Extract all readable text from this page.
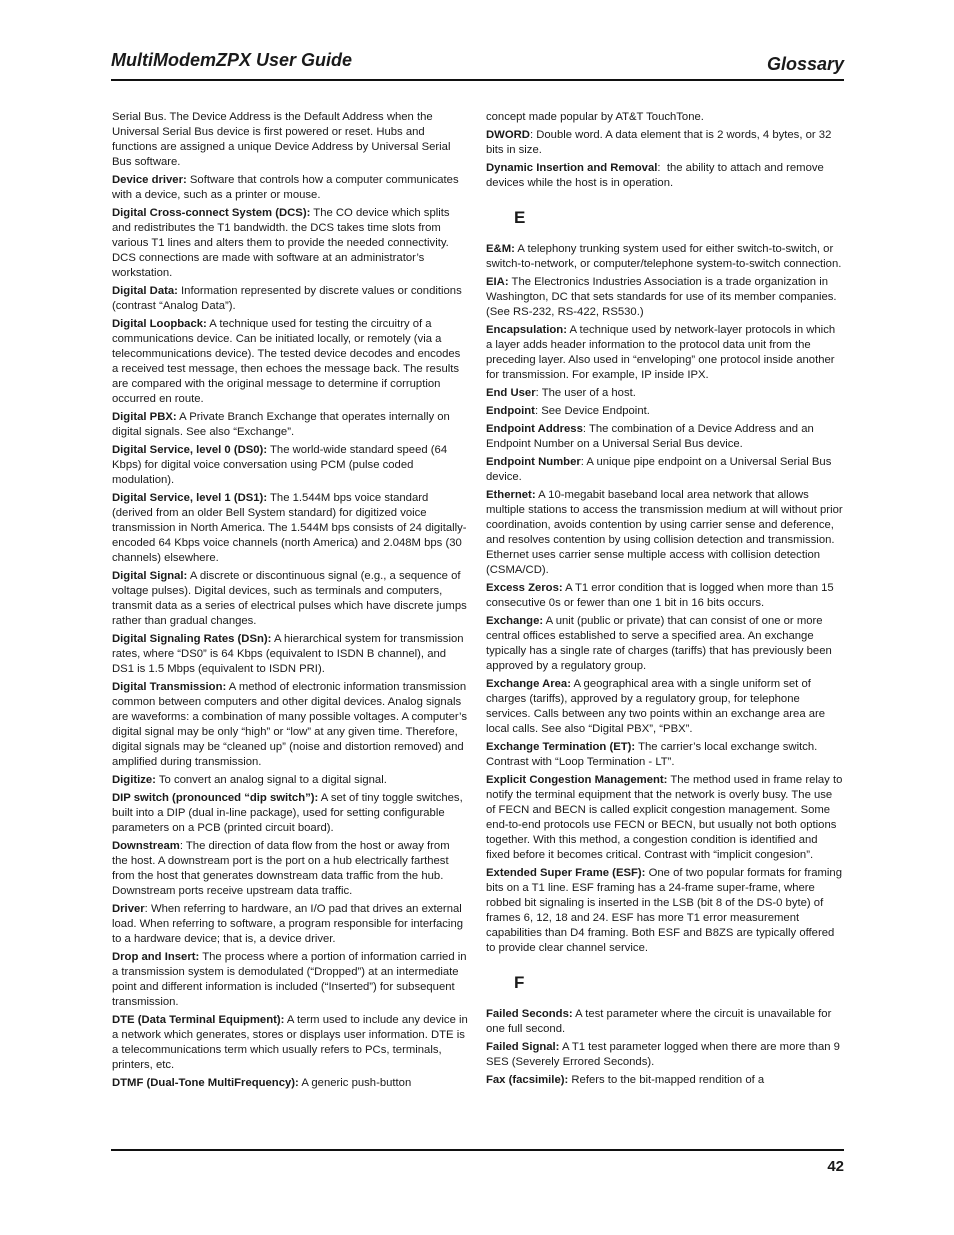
MultiModemZPX User Guide	Glossary

Serial Bus. The Device Address is the Default Address when the Universal Serial Bus device is first powered or reset. Hubs and functions are assigned a unique Device Address by Universal Serial Bus software.

Device driver: Software that controls how a computer communicates with a device, such as a printer or mouse.

Digital Cross-connect System (DCS): The CO device which splits and redistributes the T1 bandwidth. the DCS takes time slots from various T1 lines and alters them to provide the needed connectivity. DCS connections are made with software at an administrator’s workstation.

Digital Data: Information represented by discrete values or conditions (contrast “Analog Data”).

Digital Loopback: A technique used for testing the circuitry of a communications device. Can be initiated locally, or remotely (via a telecommunications device). The tested device decodes and encodes a received test message, then echoes the message back. The results are compared with the original message to determine if corruption occurred en route.

Digital PBX: A Private Branch Exchange that operates internally on digital signals. See also “Exchange”.

Digital Service, level 0 (DS0): The world-wide standard speed (64 Kbps) for digital voice conversation using PCM (pulse coded modulation).

Digital Service, level 1 (DS1): The 1.544M bps voice standard (derived from an older Bell System standard) for digitized voice transmission in North America. The 1.544M bps consists of 24 digitally-encoded 64 Kbps voice channels (north America) and 2.048M bps (30 channels) elsewhere.

Digital Signal: A discrete or discontinuous signal (e.g., a sequence of voltage pulses). Digital devices, such as terminals and computers, transmit data as a series of electrical pulses which have discrete jumps rather than gradual changes.

Digital Signaling Rates (DSn): A hierarchical system for transmission rates, where “DS0” is 64 Kbps (equivalent to ISDN B channel), and DS1 is 1.5 Mbps (equivalent to ISDN PRI).

Digital Transmission: A method of electronic information transmission common between computers and other digital devices. Analog signals are waveforms: a combination of many possible voltages. A computer’s digital signal may be only “high” or “low” at any given time. Therefore, digital signals may be “cleaned up” (noise and distortion removed) and amplified during transmission.

Digitize: To convert an analog signal to a digital signal.

DIP switch (pronounced “dip switch”): A set of tiny toggle switches, built into a DIP (dual in-line package), used for setting configurable parameters on a PCB (printed circuit board).

Downstream: The direction of data flow from the host or away from the host. A downstream port is the port on a hub electrically farthest from the host that generates downstream data traffic from the hub. Downstream ports receive upstream data traffic.

Driver: When referring to hardware, an I/O pad that drives an external load. When referring to software, a program responsible for interfacing to a hardware device; that is, a device driver.

Drop and Insert: The process where a portion of information carried in a transmission system is demodulated (“Dropped”) at an intermediate point and different information is included (“Inserted”) for subsequent transmission.

DTE (Data Terminal Equipment): A term used to include any device in a network which generates, stores or displays user information. DTE is a telecommunications term which usually refers to PCs, terminals, printers, etc.

DTMF (Dual-Tone MultiFrequency): A generic push-button

concept made popular by AT&T TouchTone.

DWORD: Double word. A data element that is 2 words, 4 bytes, or 32 bits in size.

Dynamic Insertion and Removal:  the ability to attach and remove devices while the host is in operation.

E

E&M: A telephony trunking system used for either switch-to-switch, or switch-to-network, or computer/telephone system-to-switch connection.

EIA: The Electronics Industries Association is a trade organization in Washington, DC that sets standards for use of its member companies. (See RS-232, RS-422, RS530.)

Encapsulation: A technique used by network-layer protocols in which a layer adds header information to the protocol data unit from the preceding layer. Also used in “enveloping” one protocol inside another for transmission. For example, IP inside IPX.

End User: The user of a host.

Endpoint: See Device Endpoint.

Endpoint Address: The combination of a Device Address and an Endpoint Number on a Universal Serial Bus device.

Endpoint Number: A unique pipe endpoint on a Universal Serial Bus device.

Ethernet: A 10-megabit baseband local area network that allows multiple stations to access the transmission medium at will without prior coordination, avoids contention by using carrier sense and deference, and resolves contention by using collision detection and transmission. Ethernet uses carrier sense multiple access with collision detection (CSMA/CD).

Excess Zeros: A T1 error condition that is logged when more than 15 consecutive 0s or fewer than one 1 bit in 16 bits occurs.

Exchange: A unit (public or private) that can consist of one or more central offices established to serve a specified area. An exchange typically has a single rate of charges (tariffs) that has previously been approved by a regulatory group.

Exchange Area: A geographical area with a single uniform set of charges (tariffs), approved by a regulatory group, for telephone services. Calls between any two points within an exchange area are local calls. See also “Digital PBX”, “PBX”.

Exchange Termination (ET): The carrier’s local exchange switch. Contrast with “Loop Termination - LT”.

Explicit Congestion Management: The method used in frame relay to notify the terminal equipment that the network is overly busy. The use of FECN and BECN is called explicit congestion management. Some end-to-end protocols use FECN or BECN, but usually not both options together. With this method, a congestion condition is identified and fixed before it becomes critical. Contrast with “implicit congesion”.

Extended Super Frame (ESF): One of two popular formats for framing bits on a T1 line. ESF framing has a 24-frame super-frame, where robbed bit signaling is inserted in the LSB (bit 8 of the DS-0 byte) of frames 6, 12, 18 and 24. ESF has more T1 error measurement capabilities than D4 framing. Both ESF and B8ZS are typically offered to provide clear channel service.

F

Failed Seconds: A test parameter where the circuit is unavailable for one full second.

Failed Signal: A T1 test parameter logged when there are more than 9 SES (Severely Errored Seconds).

Fax (facsimile): Refers to the bit-mapped rendition of a

42
